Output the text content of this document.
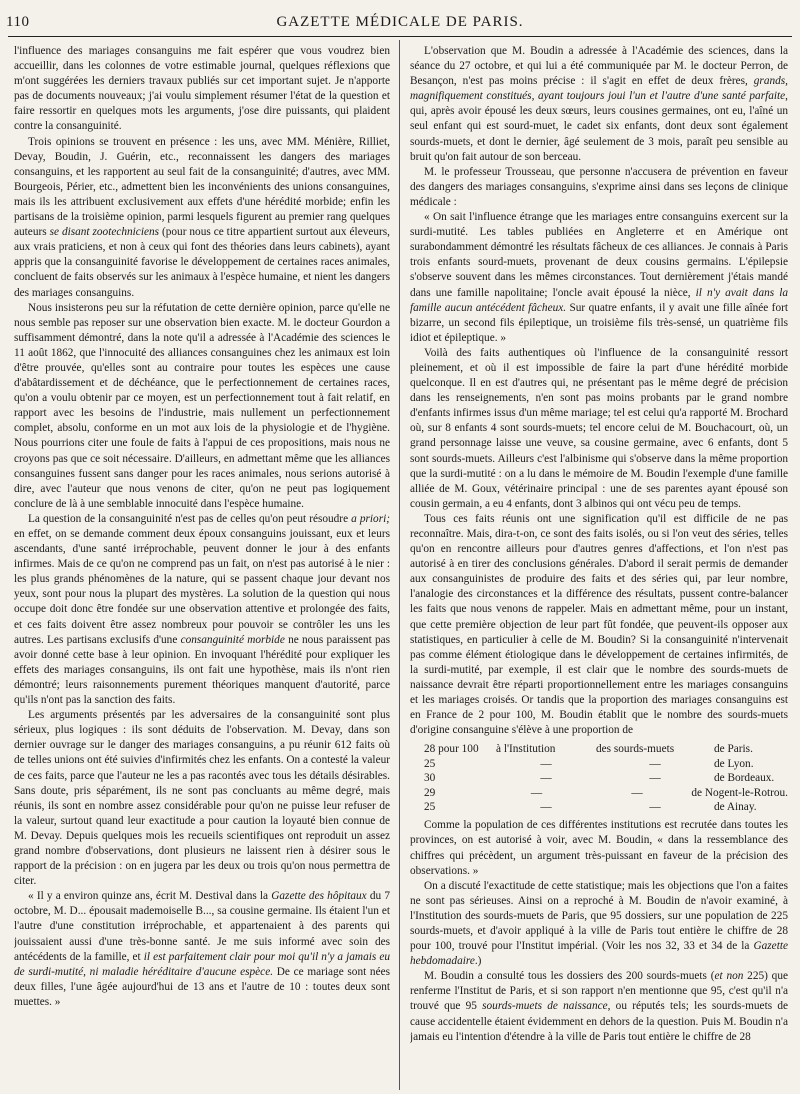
110	GAZETTE MÉDICALE DE PARIS.

l'influence des mariages consanguins me fait espérer que vous voudrez bien accueillir, dans les colonnes de votre estimable journal, quelques réflexions que m'ont suggérées les derniers travaux publiés sur cet important sujet. Je n'apporte pas de documents nouveaux; j'ai voulu simplement résumer l'état de la question et faire ressortir en quelques mots les arguments, j'ose dire puissants, qui plaident contre la consanguinité.

Trois opinions se trouvent en présence : les uns, avec MM. Ménière, Rilliet, Devay, Boudin, J. Guérin, etc., reconnaissent les dangers des mariages consanguins, et les rapportent au seul fait de la consanguinité; d'autres, avec MM. Bourgeois, Périer, etc., admettent bien les inconvénients des unions consanguines, mais ils les attribuent exclusivement aux effets d'une hérédité morbide; enfin les partisans de la troisième opinion, parmi lesquels figurent au premier rang quelques auteurs se disant zootechniciens (pour nous ce titre appartient surtout aux éleveurs, aux vrais praticiens, et non à ceux qui font des théories dans leurs cabinets), ayant appris que la consanguinité favorise le développement de certaines races animales, concluent de faits observés sur les animaux à l'espèce humaine, et nient les dangers des mariages consanguins.

Nous insisterons peu sur la réfutation de cette dernière opinion, parce qu'elle ne nous semble pas reposer sur une observation bien exacte. M. le docteur Gourdon a suffisamment démontré, dans la note qu'il a adressée à l'Académie des sciences le 11 août 1862, que l'innocuité des alliances consanguines chez les animaux est loin d'être prouvée, qu'elles sont au contraire pour toutes les espèces une cause d'abâtardissement et de déchéance, que le perfectionnement de certaines races, qu'on a voulu obtenir par ce moyen, est un perfectionnement tout à fait relatif, en rapport avec les besoins de l'industrie, mais nullement un perfectionnement complet, absolu, conforme en un mot aux lois de la physiologie et de l'hygiène. Nous pourrions citer une foule de faits à l'appui de ces propositions, mais nous ne croyons pas que ce soit nécessaire. D'ailleurs, en admettant même que les alliances consanguines fussent sans danger pour les races animales, nous serions autorisé à dire, avec l'auteur que nous venons de citer, qu'on ne peut pas logiquement conclure de là à une semblable innocuité dans l'espèce humaine.

La question de la consanguinité n'est pas de celles qu'on peut résoudre a priori; en effet, on se demande comment deux époux consanguins jouissant, eux et leurs ascendants, d'une santé irréprochable, peuvent donner le jour à des enfants infirmes. Mais de ce qu'on ne comprend pas un fait, on n'est pas autorisé à le nier : les plus grands phénomènes de la nature, qui se passent chaque jour devant nos yeux, sont pour nous la plupart des mystères. La solution de la question qui nous occupe doit donc être fondée sur une observation attentive et prolongée des faits, et ces faits doivent être assez nombreux pour pouvoir se contrôler les uns les autres. Les partisans exclusifs d'une consanguinité morbide ne nous paraissent pas avoir donné cette base à leur opinion. En invoquant l'hérédité pour expliquer les effets des mariages consanguins, ils ont fait une hypothèse, mais ils n'ont rien démontré; leurs raisonnements purement théoriques manquent d'autorité, parce qu'ils n'ont pas la sanction des faits.

Les arguments présentés par les adversaires de la consanguinité sont plus sérieux, plus logiques : ils sont déduits de l'observation. M. Devay, dans son dernier ouvrage sur le danger des mariages consanguins, a pu réunir 612 faits où de telles unions ont été suivies d'infirmités chez les enfants. On a contesté la valeur de ces faits, parce que l'auteur ne les a pas racontés avec tous les détails désirables. Sans doute, pris séparément, ils ne sont pas concluants au même degré, mais réunis, ils sont en nombre assez considérable pour qu'on ne puisse leur refuser de la valeur, surtout quand leur exactitude a pour caution la loyauté bien connue de M. Devay. Depuis quelques mois les recueils scientifiques ont reproduit un assez grand nombre d'observations, dont plusieurs ne laissent rien à désirer sous le rapport de la précision : on en jugera par les deux ou trois qu'on nous permettra de citer.

« Il y a environ quinze ans, écrit M. Destival dans la Gazette des hôpitaux du 7 octobre, M. D... épousait mademoiselle B..., sa cousine germaine. Ils étaient l'un et l'autre d'une constitution irréprochable, et appartenaient à des parents qui jouissaient aussi d'une très-bonne santé. Je me suis informé avec soin des antécédents de la famille, et il est parfaitement clair pour moi qu'il n'y a jamais eu de surdi-mutité, ni maladie héréditaire d'aucune espèce. De ce mariage sont nées deux filles, l'une âgée aujourd'hui de 13 ans et l'autre de 10 : toutes deux sont muettes. »

L'observation que M. Boudin a adressée à l'Académie des sciences, dans la séance du 27 octobre, et qui lui a été communiquée par M. le docteur Perron, de Besançon, n'est pas moins précise : il s'agit en effet de deux frères, grands, magnifiquement constitués, ayant toujours joui l'un et l'autre d'une santé parfaite, qui, après avoir épousé les deux sœurs, leurs cousines germaines, ont eu, l'aîné un seul enfant qui est sourd-muet, le cadet six enfants, dont deux sont également sourds-muets, et dont le dernier, âgé seulement de 3 mois, paraît peu sensible au bruit qu'on fait autour de son berceau.

M. le professeur Trousseau, que personne n'accusera de prévention en faveur des dangers des mariages consanguins, s'exprime ainsi dans ses leçons de clinique médicale :

« On sait l'influence étrange que les mariages entre consanguins exercent sur la surdi-mutité. Les tables publiées en Angleterre et en Amérique ont surabondamment démontré les résultats fâcheux de ces alliances. Je connais à Paris trois enfants sourd-muets, provenant de deux cousins germains. L'épilepsie s'observe souvent dans les mêmes circonstances. Tout dernièrement j'étais mandé dans une famille napolitaine; l'oncle avait épousé la nièce, il n'y avait dans la famille aucun antécédent fâcheux. Sur quatre enfants, il y avait une fille aînée fort bizarre, un second fils épileptique, un troisième fils très-sensé, un quatrième fils idiot et épileptique. »

Voilà des faits authentiques où l'influence de la consanguinité ressort pleinement, et où il est impossible de faire la part d'une hérédité morbide quelconque. Il en est d'autres qui, ne présentant pas le même degré de précision dans les renseignements, n'en sont pas moins probants par le grand nombre d'enfants infirmes issus d'un même mariage; tel est celui qu'a rapporté M. Brochard où, sur 8 enfants 4 sont sourds-muets; tel encore celui de M. Bouchacourt, où, un grand personnage laisse une veuve, sa cousine germaine, avec 6 enfants, dont 5 sont sourds-muets. Ailleurs c'est l'albinisme qui s'observe dans la même proportion que la surdi-mutité : on a lu dans le mémoire de M. Boudin l'exemple d'une famille alliée de M. Goux, vétérinaire principal : une de ses parentes ayant épousé son cousin germain, a eu 4 enfants, dont 3 albinos qui ont vécu peu de temps.

Tous ces faits réunis ont une signification qu'il est difficile de ne pas reconnaître. Mais, dira-t-on, ce sont des faits isolés, ou si l'on veut des séries, telles qu'on en rencontre ailleurs pour d'autres genres d'affections, et l'on n'est pas autorisé à en tirer des conclusions générales. D'abord il serait permis de demander aux consanguinistes de produire des faits et des séries qui, par leur nombre, l'analogie des circonstances et la différence des résultats, pussent contre-balancer les faits que nous venons de rappeler. Mais en admettant même, pour un instant, que cette première objection de leur part fût fondée, que peuvent-ils opposer aux statistiques, en particulier à celle de M. Boudin? Si la consanguinité n'intervenait pas comme élément étiologique dans le développement de certaines infirmités, de la surdi-mutité, par exemple, il est clair que le nombre des sourds-muets de naissance devrait être réparti proportionnellement entre les mariages consanguins et les mariages croisés. Or tandis que la proportion des mariages consanguins est en France de 2 pour 100, M. Boudin établit que le nombre des sourds-muets d'origine consanguine s'élève à une proportion de

28 pour 100	à l'Institution	des sourds-muets	de Paris.
25	—	—	de Lyon.
30	—	—	de Bordeaux.
29	—	—	de Nogent-le-Rotrou.
25	—	—	de Ainay.

Comme la population de ces différentes institutions est recrutée dans toutes les provinces, on est autorisé à voir, avec M. Boudin, « dans la ressemblance des chiffres qui précèdent, un argument très-puissant en faveur de la précision des observations. »

On a discuté l'exactitude de cette statistique; mais les objections que l'on a faites ne sont pas sérieuses. Ainsi on a reproché à M. Boudin de n'avoir examiné, à l'Institution des sourds-muets de Paris, que 95 dossiers, sur une population de 225 sourds-muets, et d'avoir appliqué à la ville de Paris tout entière le chiffre de 28 pour 100, trouvé pour l'Institut impérial. (Voir les nos 32, 33 et 34 de la Gazette hebdomadaire.)

M. Boudin a consulté tous les dossiers des 200 sourds-muets (et non 225) que renferme l'Institut de Paris, et si son rapport n'en mentionne que 95, c'est qu'il n'a trouvé que 95 sourds-muets de naissance, ou réputés tels; les sourds-muets de cause accidentelle étaient évidemment en dehors de la question. Puis M. Boudin n'a jamais eu l'intention d'étendre à la ville de Paris tout entière le chiffre de 28
